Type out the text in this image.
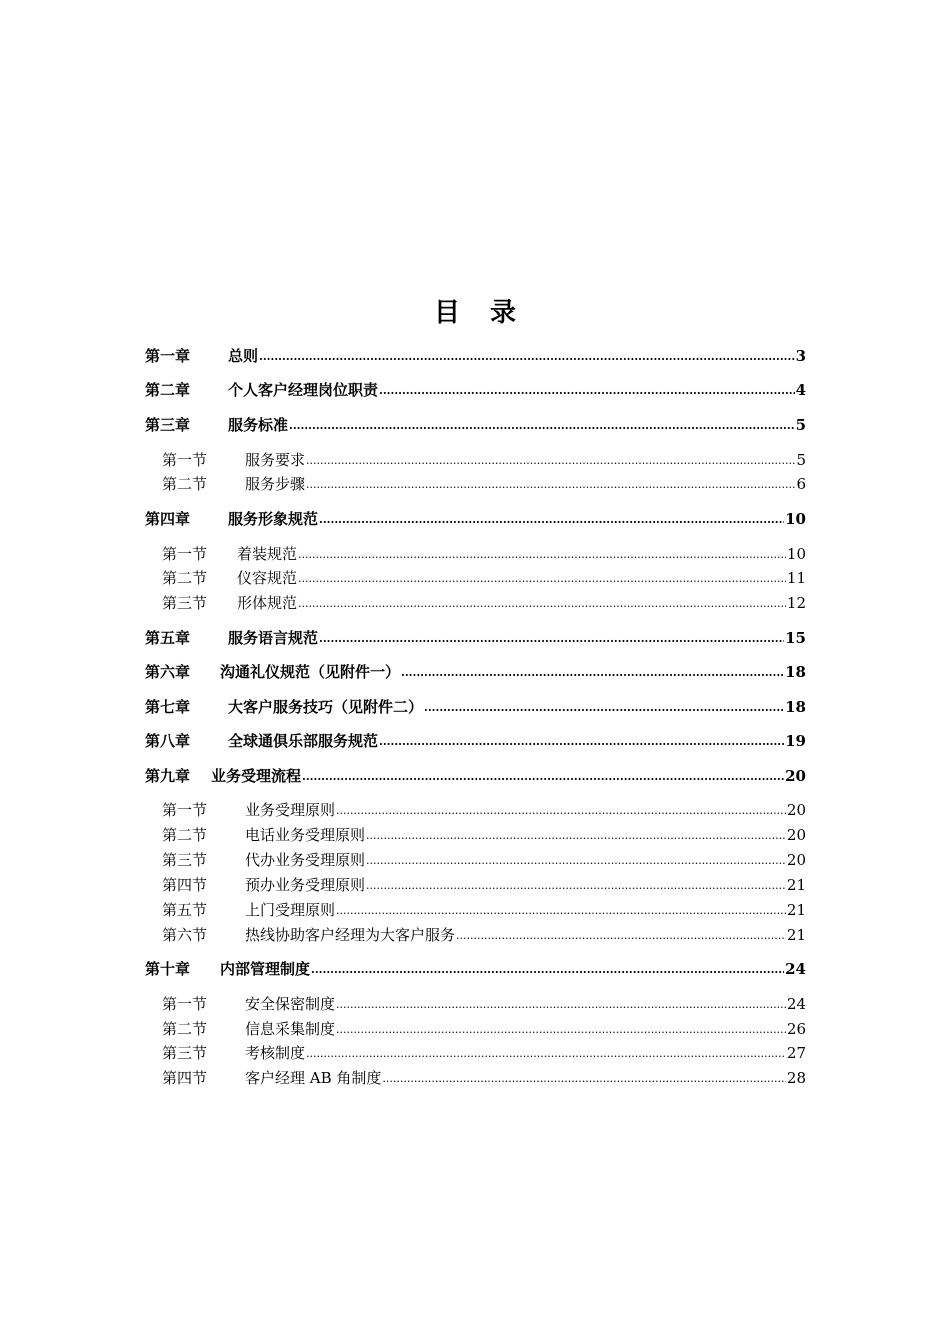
目 录
第一章	总则 .....	3
第二章	个人客户经理岗位职责 .....	4
第三章	服务标准 .....	5
第一节	服务要求 .....	5
第二节	服务步骤 .....	6
第四章	服务形象规范 .....	10
第一节	着装规范 .....	10
第二节	仪容规范 .....	11
第三节	形体规范 .....	12
第五章	服务语言规范 .....	15
第六章	沟通礼仪规范（见附件一） .....	18
第七章	大客户服务技巧（见附件二） .....	18
第八章	全球通俱乐部服务规范 .....	19
第九章	业务受理流程 .....	20
第一节	业务受理原则 .....	20
第二节	电话业务受理原则 .....	20
第三节	代办业务受理原则 .....	20
第四节	预办业务受理原则 .....	21
第五节	上门受理原则 .....	21
第六节	热线协助客户经理为大客户服务 .....	21
第十章	内部管理制度 .....	24
第一节	安全保密制度 .....	24
第二节	信息采集制度 .....	26
第三节	考核制度 .....	27
第四节	客户经理 AB 角制度 .....	28
